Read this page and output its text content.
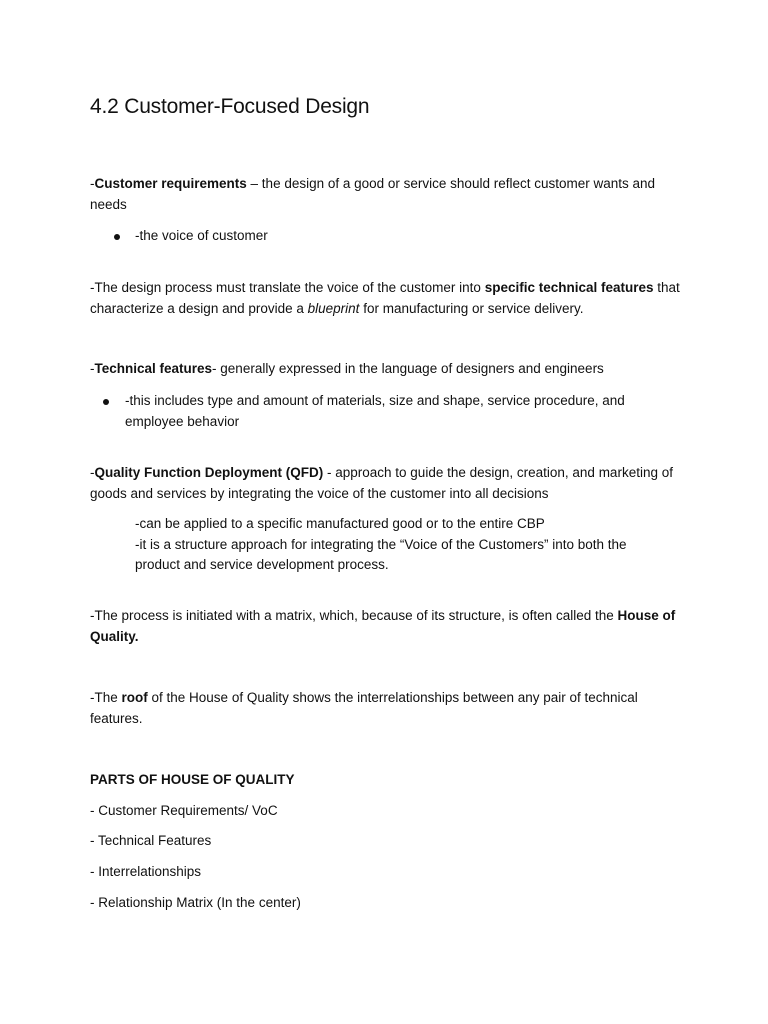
4.2 Customer-Focused Design

-Customer requirements – the design of a good or service should reflect customer wants and needs

-the voice of customer

-The design process must translate the voice of the customer into specific technical features that characterize a design and provide a blueprint for manufacturing or service delivery.

-Technical features- generally expressed in the language of designers and engineers

-this includes type and amount of materials, size and shape, service procedure, and employee behavior

-Quality Function Deployment (QFD) - approach to guide the design, creation, and marketing of goods and services by integrating the voice of the customer into all decisions

-can be applied to a specific manufactured good or to the entire CBP
-it is a structure approach for integrating the “Voice of the Customers” into both the product and service development process.

-The process is initiated with a matrix, which, because of its structure, is often called the House of Quality.

-The roof of the House of Quality shows the interrelationships between any pair of technical features.

PARTS OF HOUSE OF QUALITY

- Customer Requirements/ VoC

- Technical Features

- Interrelationships

- Relationship Matrix (In the center)
